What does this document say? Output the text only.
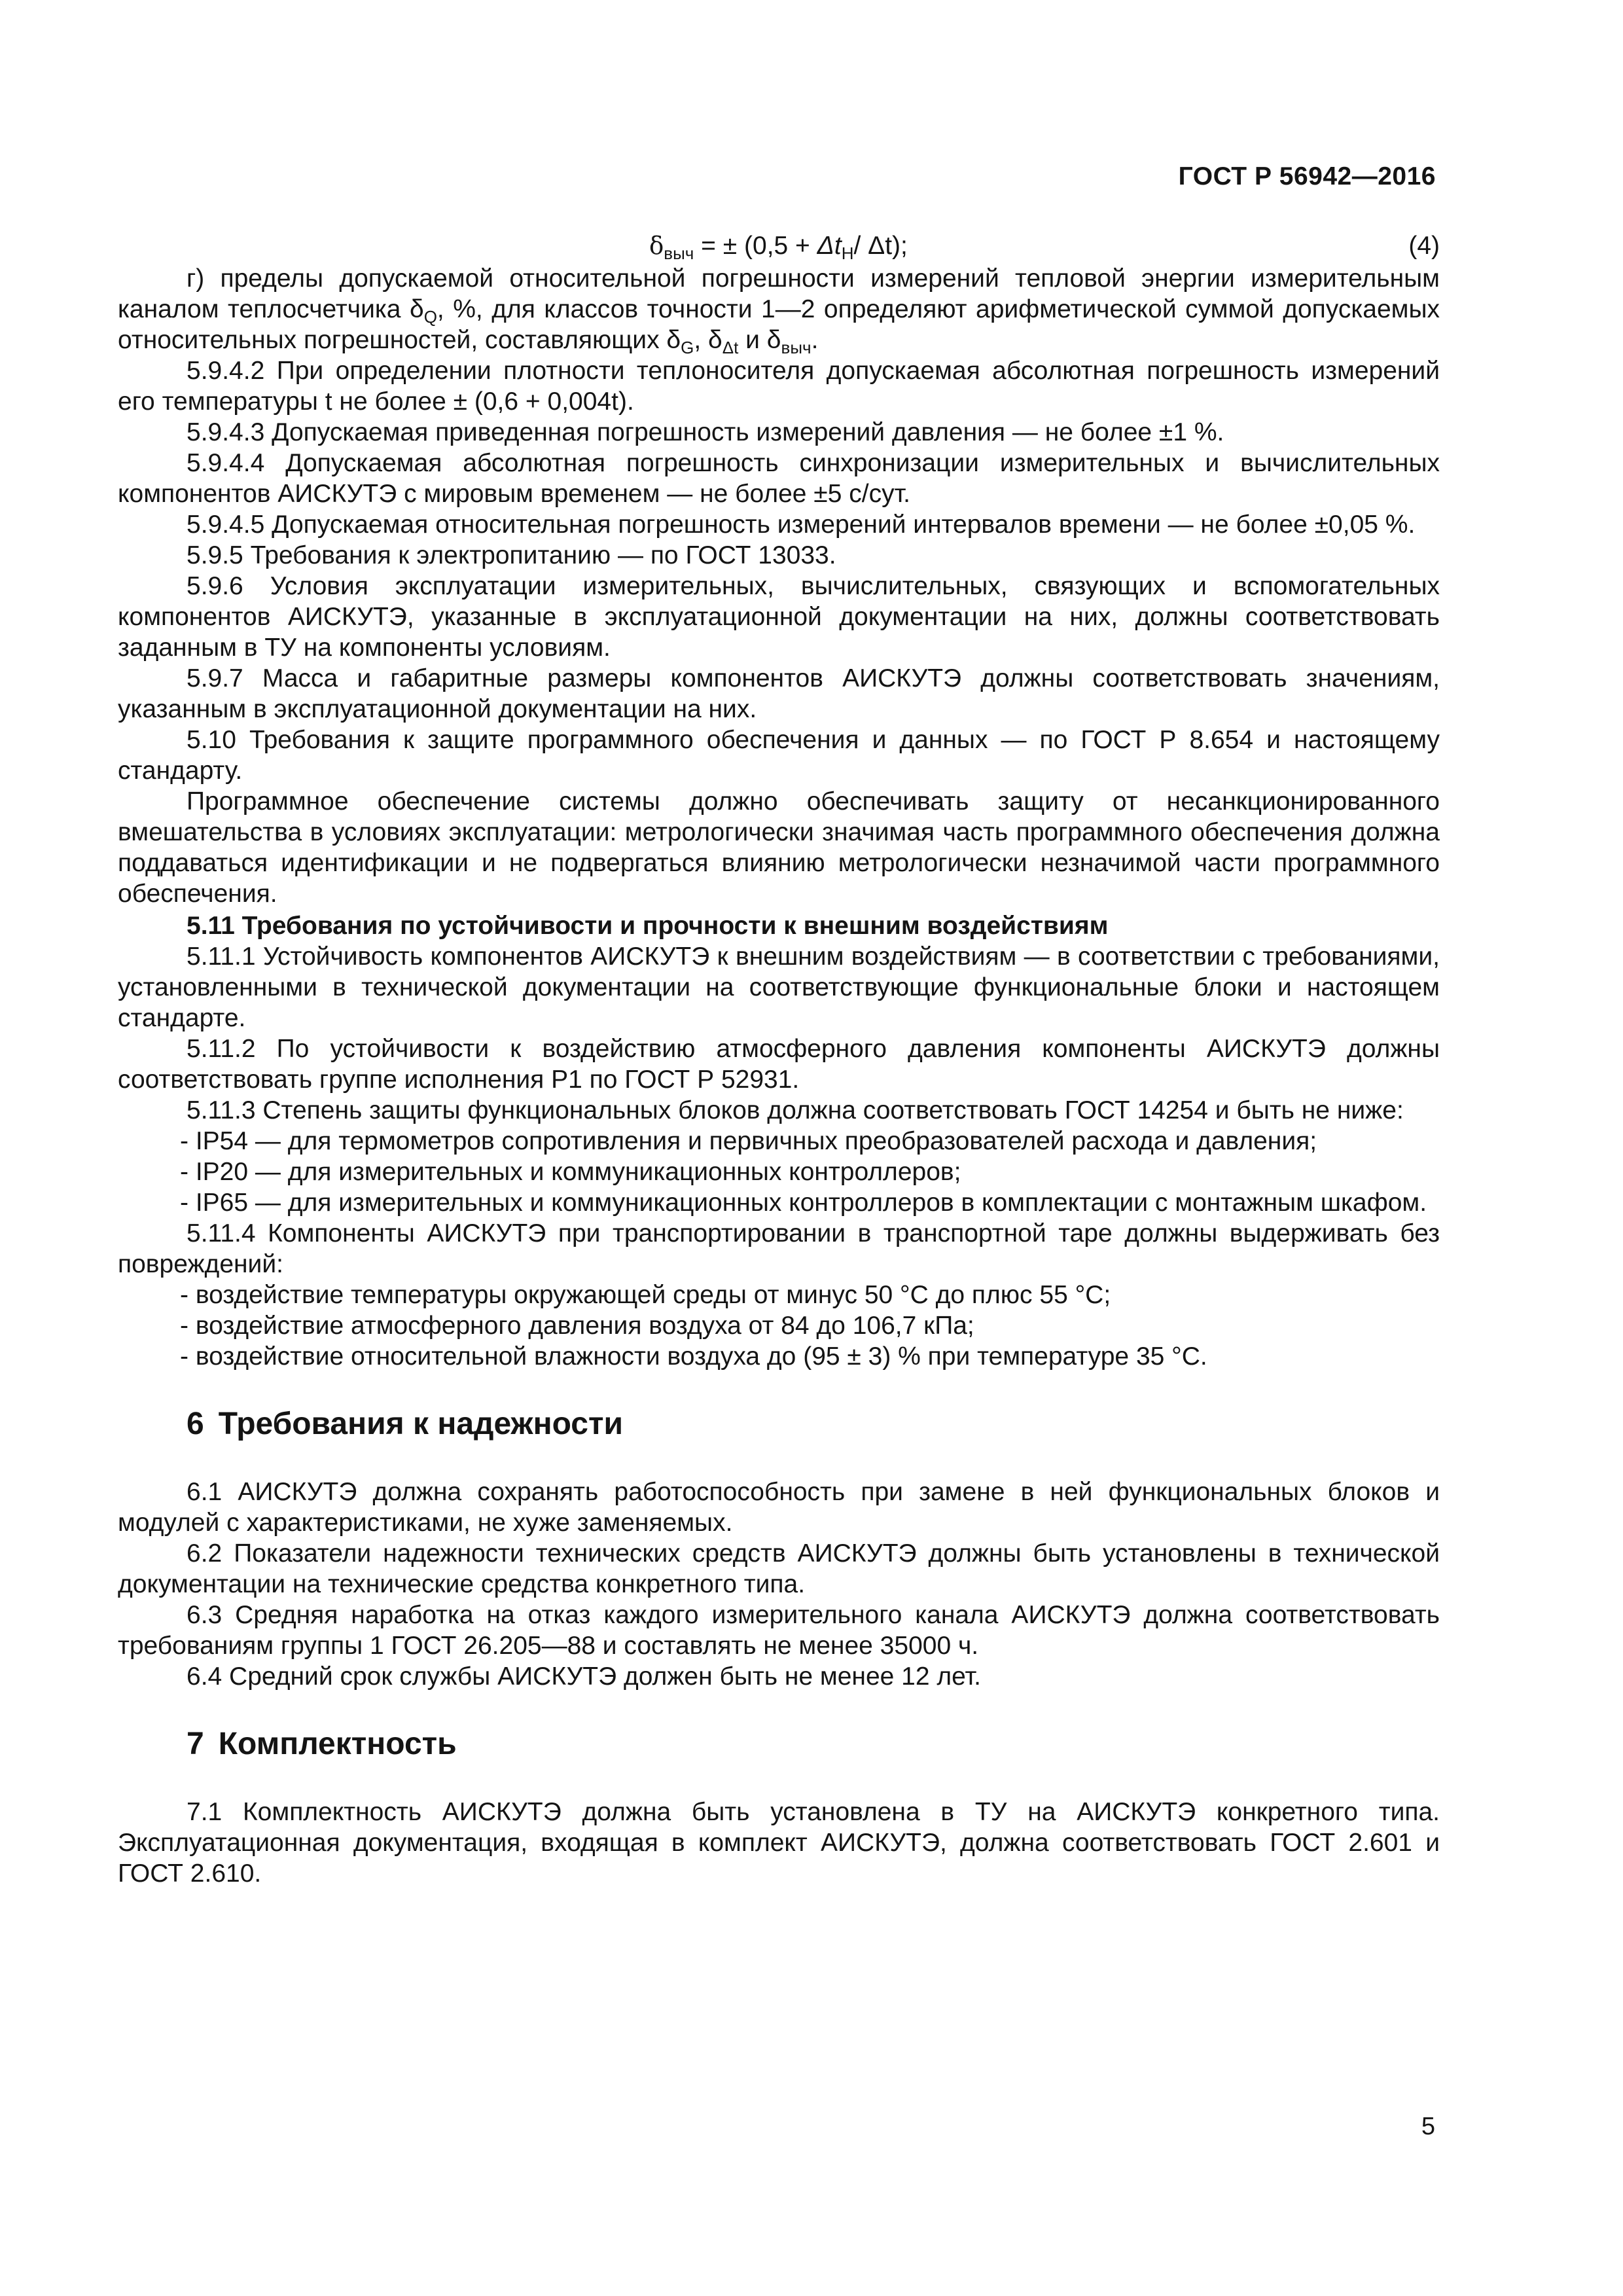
ГОСТ Р 56942—2016
$\delta_{выч}$ = ± ($0,5 + \Delta t_Н/$ Δt);	(4)

г) пределы допускаемой относительной погрешности измерений тепловой энергии измерительным каналом теплосчетчика $\delta_Q$, %, для классов точности 1—2 определяют арифметической суммой допускаемых относительных погрешностей, составляющих $\delta_G$, $\delta_{\Delta t}$ и $\delta_{выч}$.

5.9.4.2 При определении плотности теплоносителя допускаемая абсолютная погрешность измерений его температуры t не более ± (0,6 + 0,004t).

5.9.4.3 Допускаемая приведенная погрешность измерений давления — не более ±1 %.

5.9.4.4 Допускаемая абсолютная погрешность синхронизации измерительных и вычислительных компонентов АИСКУТЭ с мировым временем — не более ±5 с/сут.

5.9.4.5 Допускаемая относительная погрешность измерений интервалов времени — не более ±0,05 %.

5.9.5 Требования к электропитанию — по ГОСТ 13033.

5.9.6 Условия эксплуатации измерительных, вычислительных, связующих и вспомогательных компонентов АИСКУТЭ, указанные в эксплуатационной документации на них, должны соответствовать заданным в ТУ на компоненты условиям.

5.9.7 Масса и габаритные размеры компонентов АИСКУТЭ должны соответствовать значениям, указанным в эксплуатационной документации на них.

5.10 Требования к защите программного обеспечения и данных — по ГОСТ Р 8.654 и настоящему стандарту.

Программное обеспечение системы должно обеспечивать защиту от несанкционированного вмешательства в условиях эксплуатации: метрологически значимая часть программного обеспечения должна поддаваться идентификации и не подвергаться влиянию метрологически незначимой части программного обеспечения.

5.11 Требования по устойчивости и прочности к внешним воздействиям

5.11.1 Устойчивость компонентов АИСКУТЭ к внешним воздействиям — в соответствии с требованиями, установленными в технической документации на соответствующие функциональные блоки и настоящем стандарте.

5.11.2 По устойчивости к воздействию атмосферного давления компоненты АИСКУТЭ должны соответствовать группе исполнения Р1 по ГОСТ Р 52931.

5.11.3 Степень защиты функциональных блоков должна соответствовать ГОСТ 14254 и быть не ниже:

- IP54 — для термометров сопротивления и первичных преобразователей расхода и давления;

- IP20 — для измерительных и коммуникационных контроллеров;

- IP65 — для измерительных и коммуникационных контроллеров в комплектации с монтажным шкафом.

5.11.4 Компоненты АИСКУТЭ при транспортировании в транспортной таре должны выдерживать без повреждений:

- воздействие температуры окружающей среды от минус 50 °С до плюс 55 °С;

- воздействие атмосферного давления воздуха от 84 до 106,7 кПа;

- воздействие относительной влажности воздуха до (95 ± 3) % при температуре 35 °С.

6 Требования к надежности

6.1 АИСКУТЭ должна сохранять работоспособность при замене в ней функциональных блоков и модулей с характеристиками, не хуже заменяемых.

6.2 Показатели надежности технических средств АИСКУТЭ должны быть установлены в технической документации на технические средства конкретного типа.

6.3 Средняя наработка на отказ каждого измерительного канала АИСКУТЭ должна соответствовать требованиям группы 1 ГОСТ 26.205—88 и составлять не менее 35000 ч.

6.4 Средний срок службы АИСКУТЭ должен быть не менее 12 лет.

7 Комплектность

7.1 Комплектность АИСКУТЭ должна быть установлена в ТУ на АИСКУТЭ конкретного типа. Эксплуатационная документация, входящая в комплект АИСКУТЭ, должна соответствовать ГОСТ 2.601 и ГОСТ 2.610.

5
